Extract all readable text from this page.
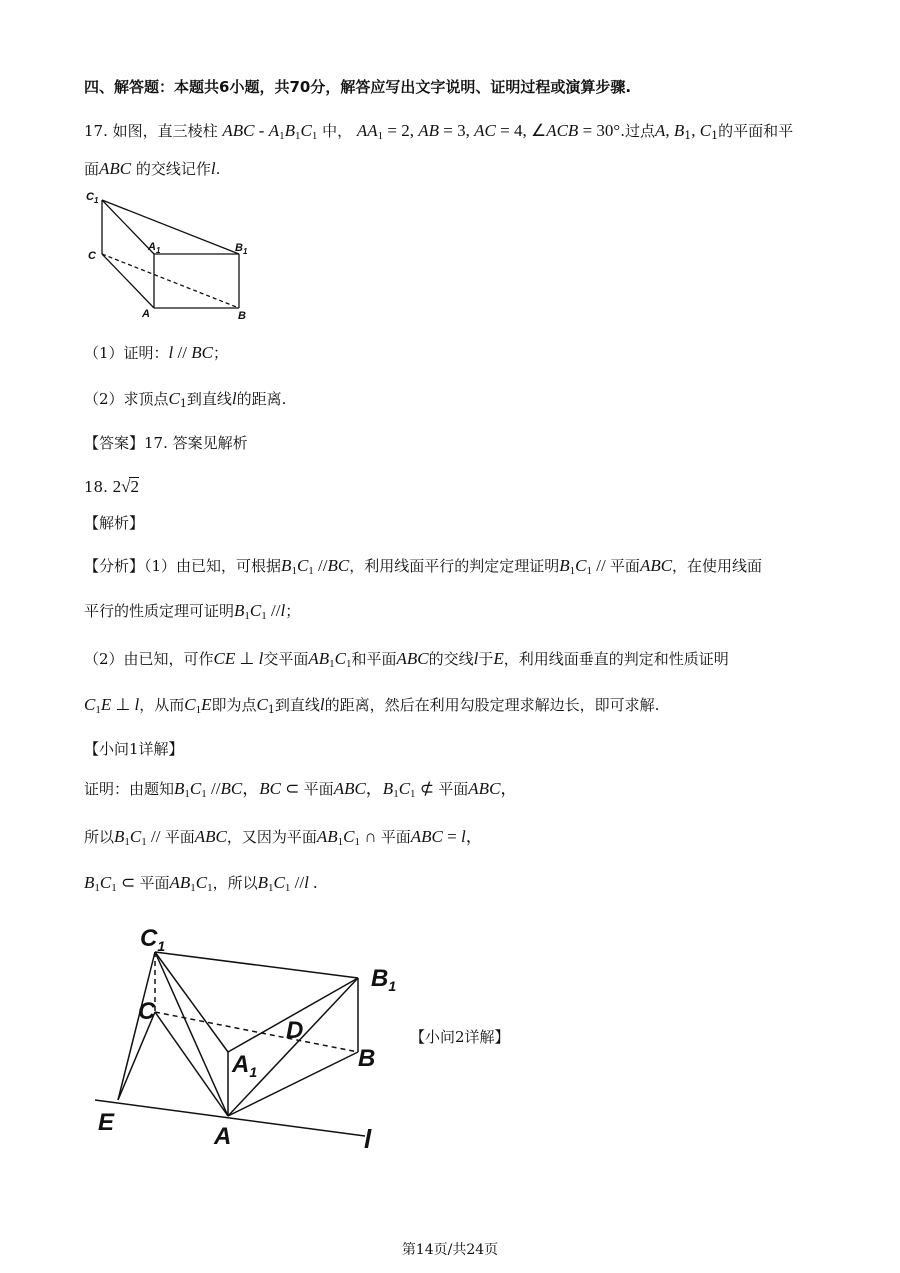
四、解答题：本题共6小题，共70分，解答应写出文字说明、证明过程或演算步骤.
17. 如图，直三棱柱 ABC - $A_1B_1C_1$ 中， $AA_1 = 2$, AB = 3, AC = 4, ∠ACB = 30°.过点A, $B_1$, $C_1$的平面和平
面ABC 的交线记作l.
$C_1$
$A_1$	$B_1$
C
A	B
（1）证明：l // BC；
（2）求顶点$C_1$到直线l的距离.
【答案】17. 答案见解析
18. 2√2
【解析】
【分析】（1）由已知，可根据$B_1C_1$ //BC，利用线面平行的判定定理证明$B_1C_1$ // 平面ABC，在使用线面
平行的性质定理可证明$B_1C_1$ //l；
（2）由已知，可作CE ⊥ l交平面$AB_1C_1$和平面ABC的交线l于E，利用线面垂直的判定和性质证明
$C_1E$ ⊥ l，从而$C_1E$即为点$C_1$到直线l的距离，然后在利用勾股定理求解边长，即可求解.
【小问1详解】
证明：由题知$B_1C_1$ //BC，BC ⊂ 平面ABC，$B_1C_1$ ⊄ 平面ABC，
所以$B_1C_1$ // 平面ABC，又因为平面$AB_1C_1$ ∩ 平面ABC = l，
$B_1C_1$ ⊂ 平面$AB_1C_1$，所以$B_1C_1$ //l .
$C_1$
$B_1$
C
D
$A_1$	B
E
A	l
【小问2详解】
第14页/共24页
